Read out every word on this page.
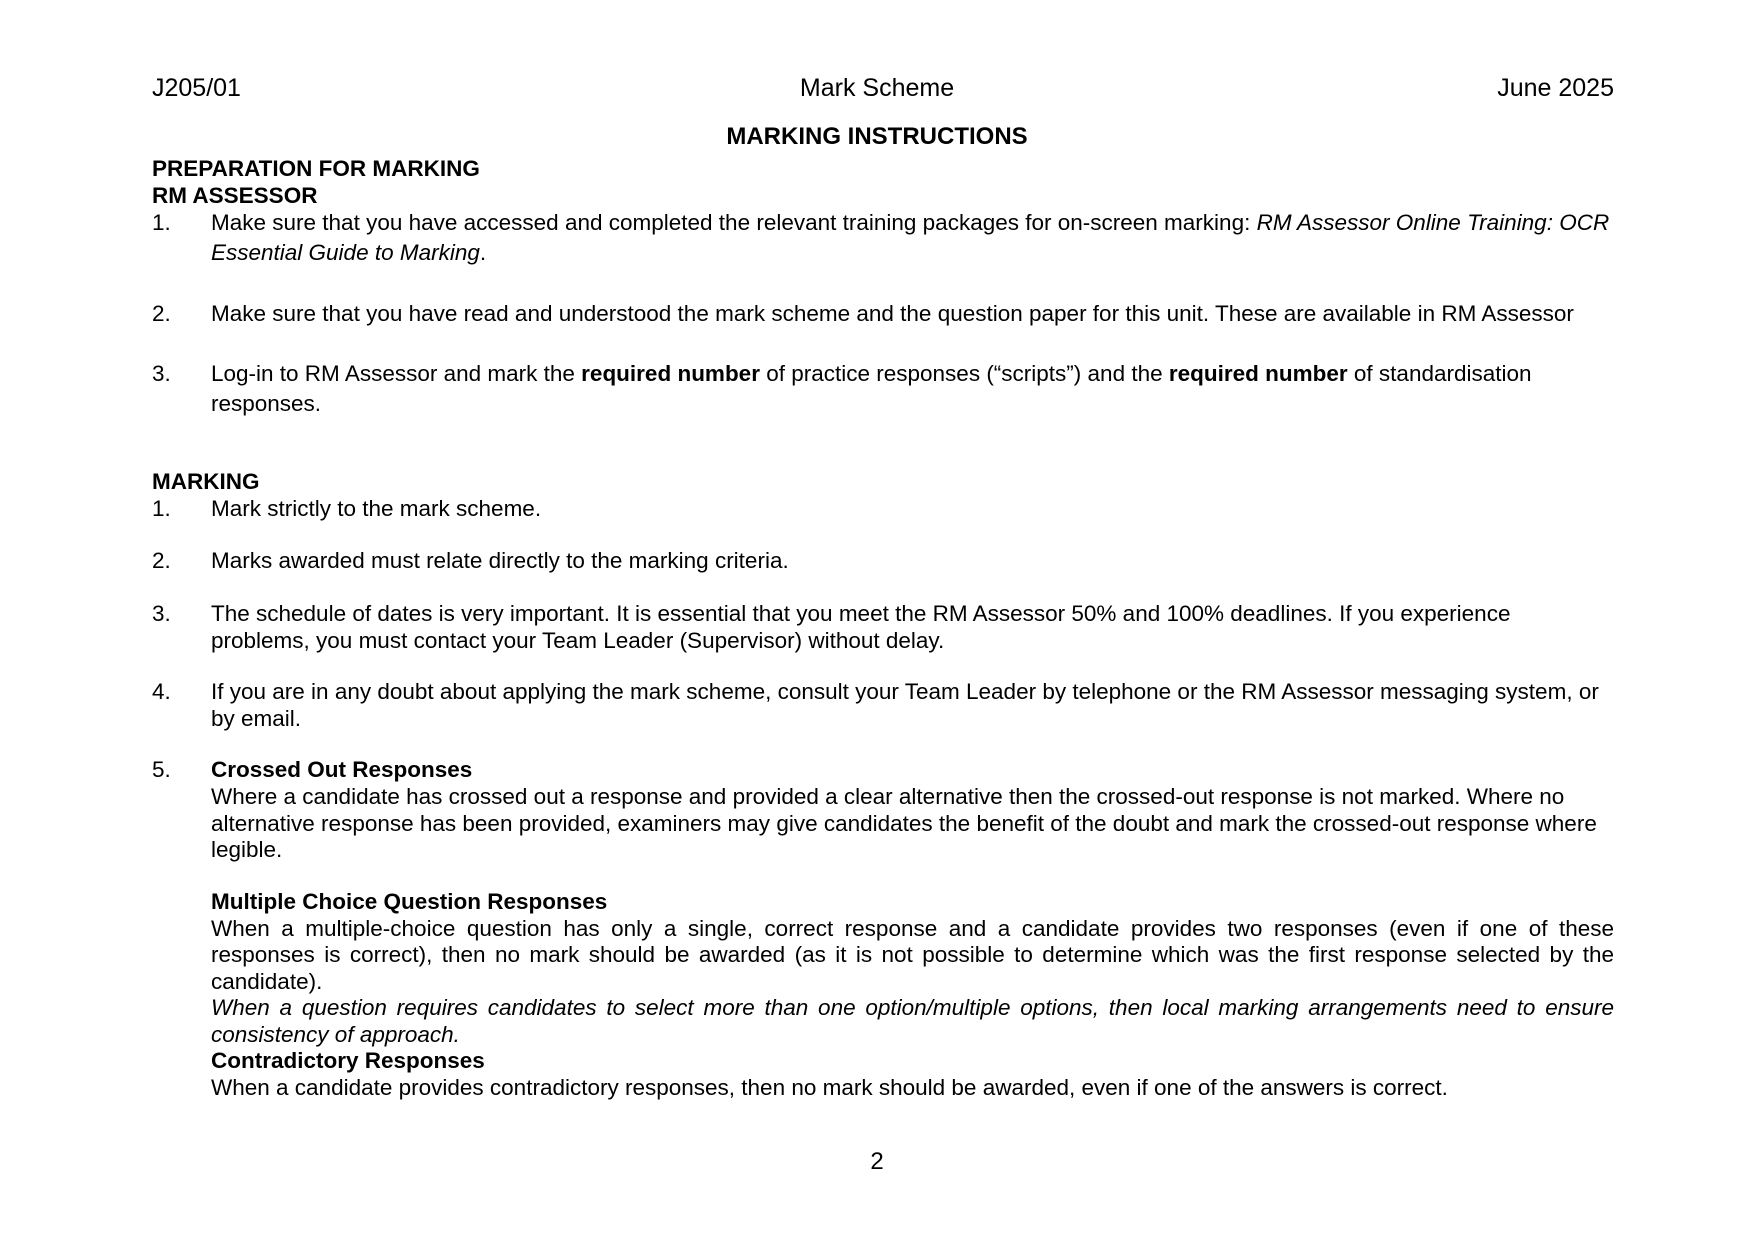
J205/01	Mark Scheme	June 2025
MARKING INSTRUCTIONS
PREPARATION FOR MARKING
RM ASSESSOR
1. Make sure that you have accessed and completed the relevant training packages for on-screen marking: RM Assessor Online Training: OCR Essential Guide to Marking.
2. Make sure that you have read and understood the mark scheme and the question paper for this unit. These are available in RM Assessor
3. Log-in to RM Assessor and mark the required number of practice responses (“scripts”) and the required number of standardisation responses.
MARKING
1. Mark strictly to the mark scheme.
2. Marks awarded must relate directly to the marking criteria.
3. The schedule of dates is very important. It is essential that you meet the RM Assessor 50% and 100% deadlines. If you experience problems, you must contact your Team Leader (Supervisor) without delay.
4. If you are in any doubt about applying the mark scheme, consult your Team Leader by telephone or the RM Assessor messaging system, or by email.
5. Crossed Out Responses
Where a candidate has crossed out a response and provided a clear alternative then the crossed-out response is not marked. Where no alternative response has been provided, examiners may give candidates the benefit of the doubt and mark the crossed-out response where legible.
Multiple Choice Question Responses
When a multiple-choice question has only a single, correct response and a candidate provides two responses (even if one of these responses is correct), then no mark should be awarded (as it is not possible to determine which was the first response selected by the candidate).
When a question requires candidates to select more than one option/multiple options, then local marking arrangements need to ensure consistency of approach.
Contradictory Responses
When a candidate provides contradictory responses, then no mark should be awarded, even if one of the answers is correct.
2
